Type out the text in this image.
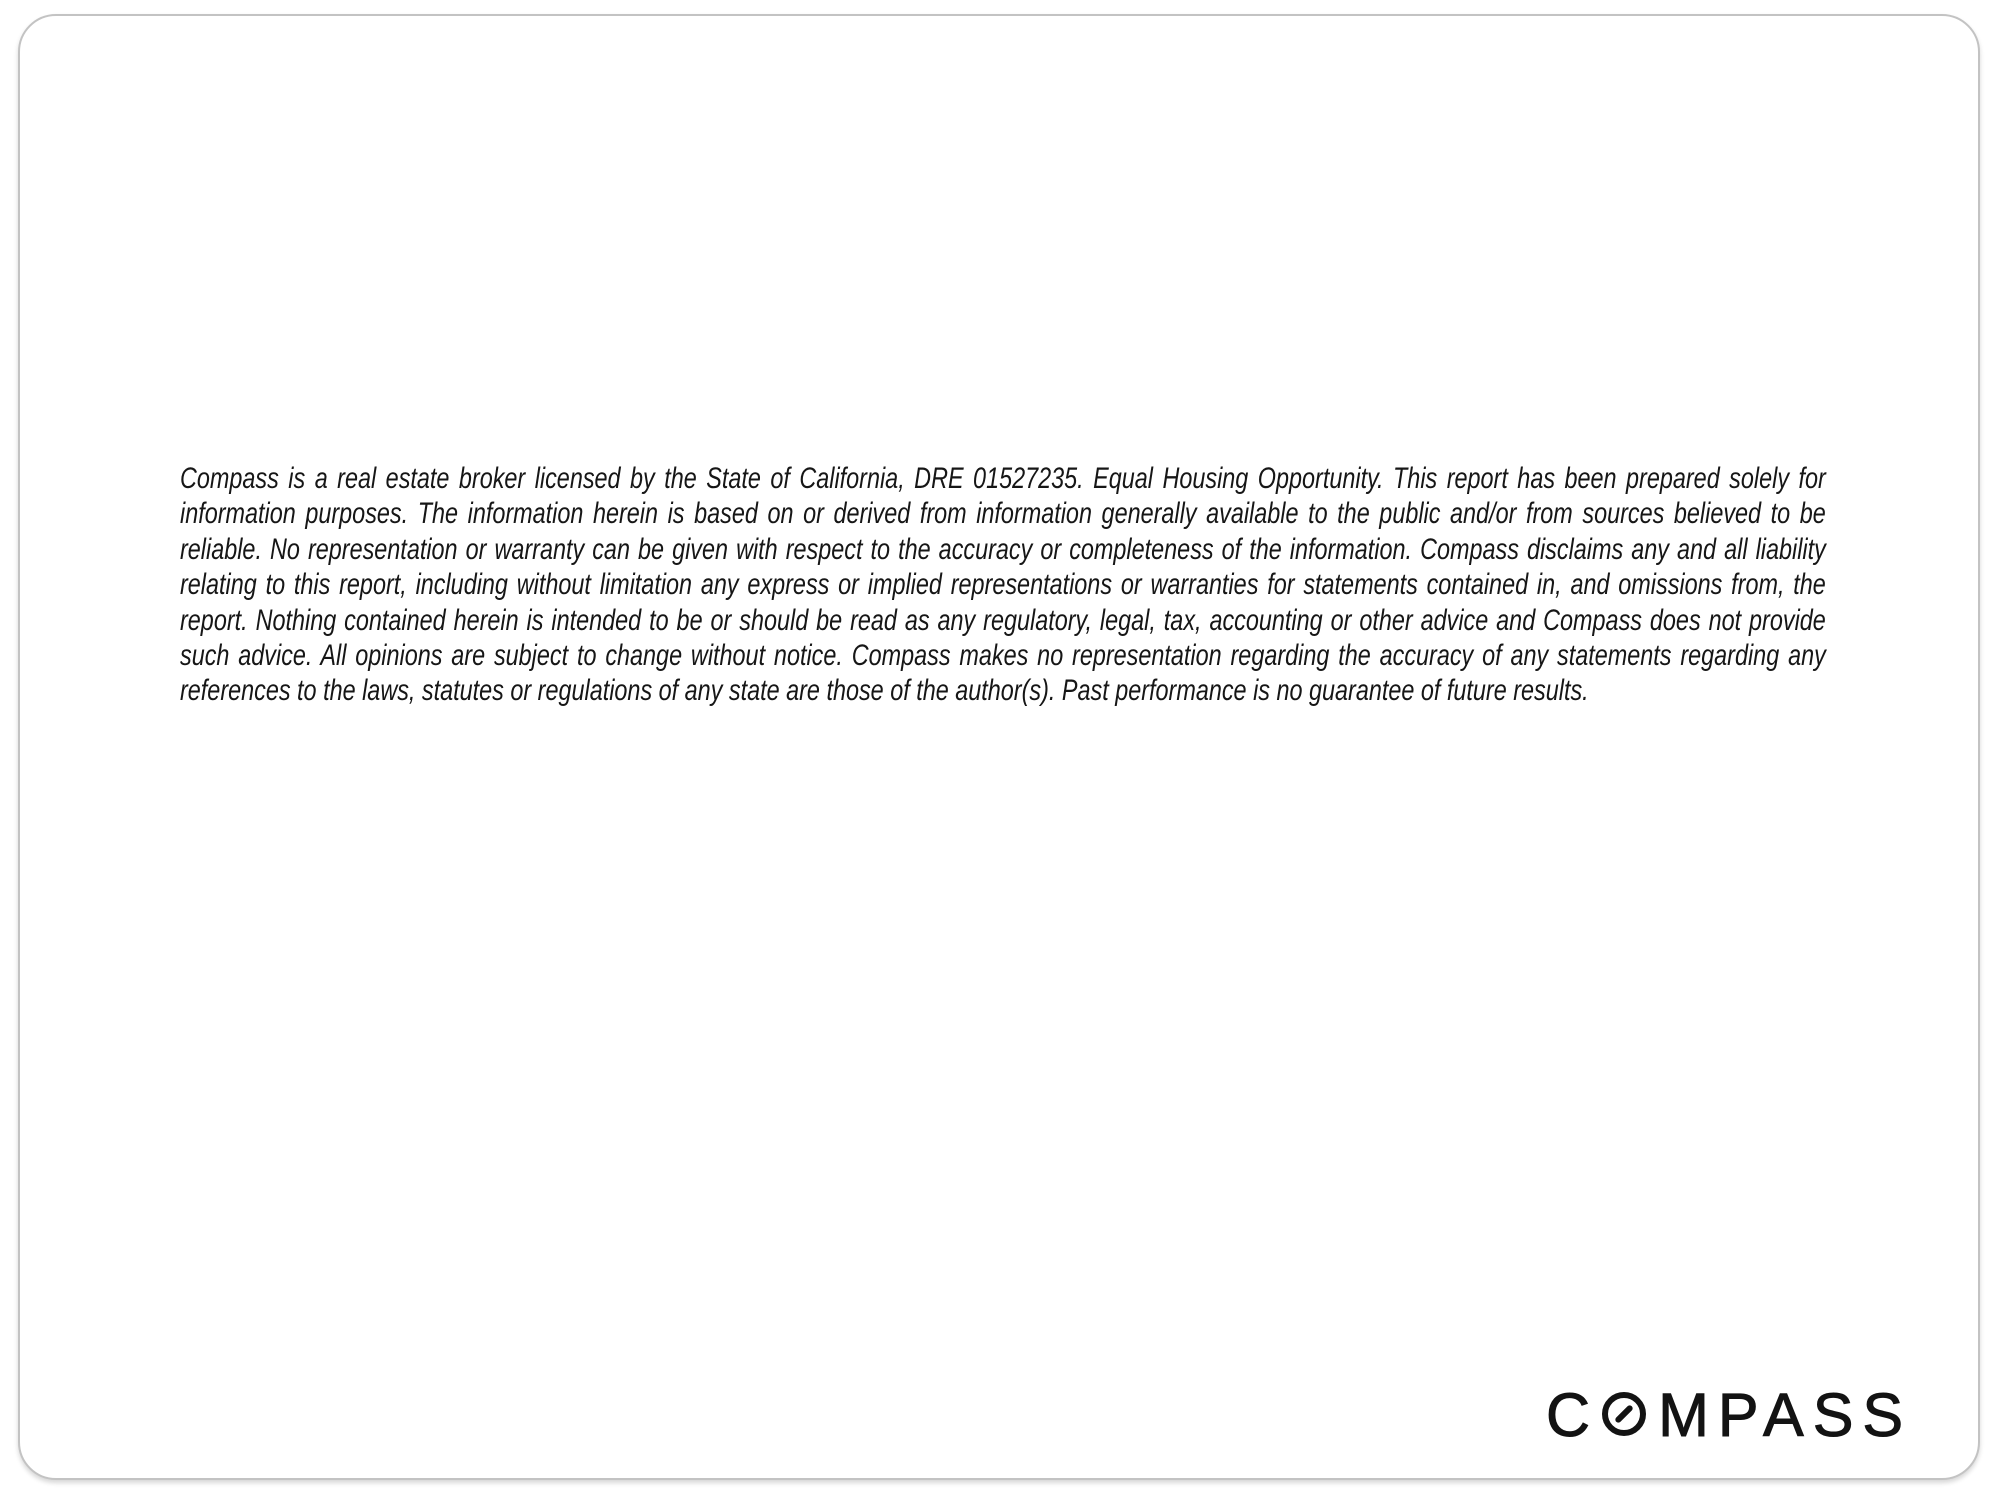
Compass is a real estate broker licensed by the State of California, DRE 01527235. Equal Housing Opportunity. This report has been prepared solely for information purposes. The information herein is based on or derived from information generally available to the public and/or from sources believed to be reliable. No representation or warranty can be given with respect to the accuracy or completeness of the information. Compass disclaims any and all liability relating to this report, including without limitation any express or implied representations or warranties for statements contained in, and omissions from, the report. Nothing contained herein is intended to be or should be read as any regulatory, legal, tax, accounting or other advice and Compass does not provide such advice. All opinions are subject to change without notice. Compass makes no representation regarding the accuracy of any statements regarding any references to the laws, statutes or regulations of any state are those of the author(s). Past performance is no guarantee of future results.

C MPASS
